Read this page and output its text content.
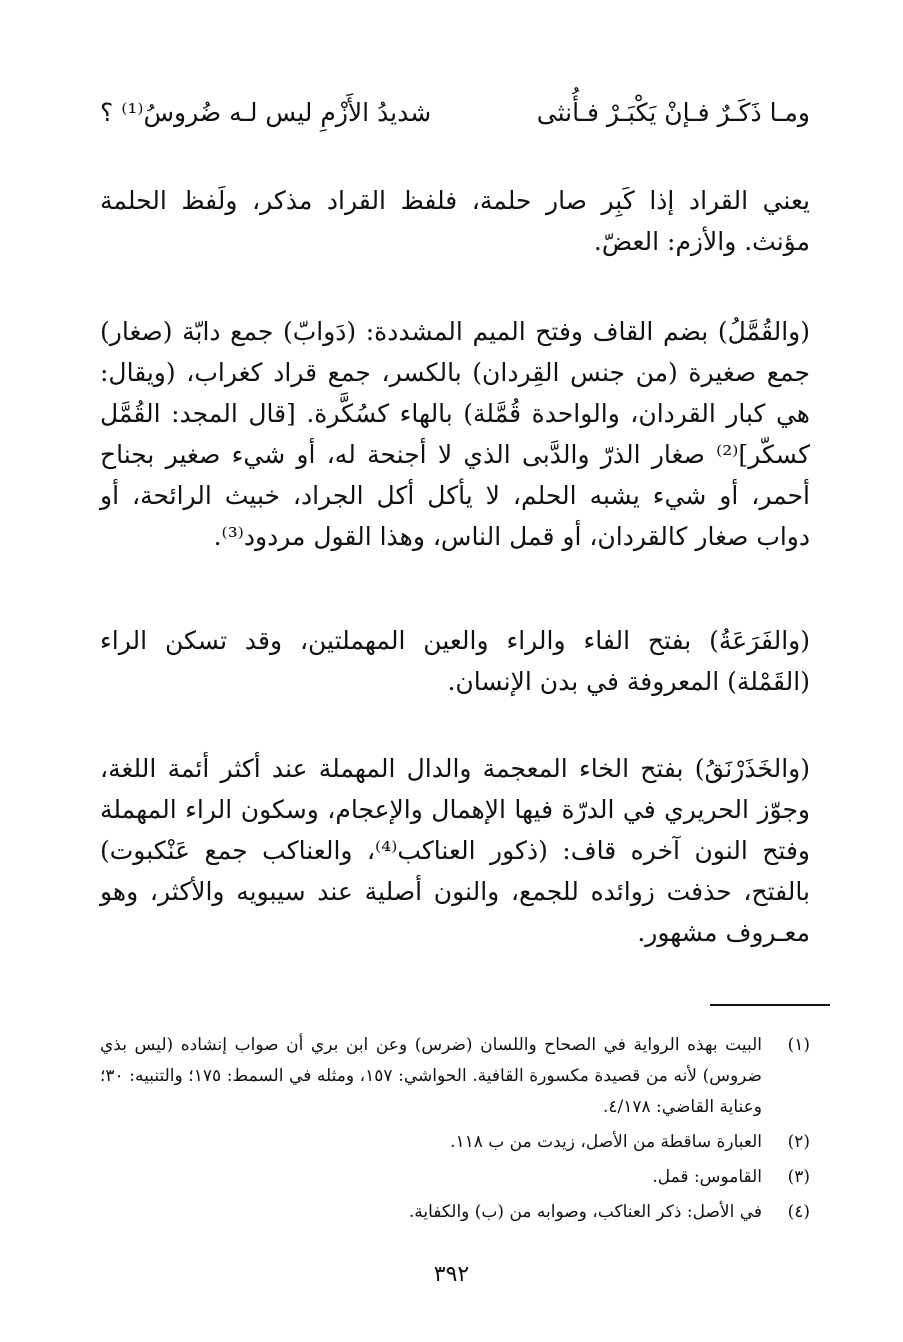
ومـا ذَكَـرٌ فـإنْ يَكْبَـرْ فـأُنثى
شديدُ الأَزْمِ ليس لـه ضُروسُ⁽¹⁾ ؟

يعني القراد إذا كَبِر صار حلمة، فلفظ القراد مذكر، ولَفظ الحلمة مؤنث. والأزم: العضّ.

(والقُمَّلُ) بضم القاف وفتح الميم المشددة: (دَوابّ) جمع دابّة (صغار) جمع صغيرة (من جنس القِردان) بالكسر، جمع قراد كغراب، (ويقال: هي كبار القردان، والواحدة قُمَّلة) بالهاء كسُكَّرة. [قال المجد: القُمَّل كسكّر]⁽²⁾ صغار الذرّ والدَّبى الذي لا أجنحة له، أو شيء صغير بجناح أحمر، أو شيء يشبه الحلم، لا يأكل أكل الجراد، خبيث الرائحة، أو دواب صغار كالقردان، أو قمل الناس، وهذا القول مردود⁽³⁾.

(والفَرَعَةُ) بفتح الفاء والراء والعين المهملتين، وقد تسكن الراء (القَمْلة) المعروفة في بدن الإنسان.

(والخَذَرْنَقُ) بفتح الخاء المعجمة والدال المهملة عند أكثر أئمة اللغة، وجوّز الحريري في الدرّة فيها الإهمال والإعجام، وسكون الراء المهملة وفتح النون آخره قاف: (ذكور العناكب⁽⁴⁾، والعناكب جمع عَنْكبوت) بالفتح، حذفت زوائده للجمع، والنون أصلية عند سيبويه والأكثر، وهو معـروف مشهور.

(١)
البيت بهذه الرواية في الصحاح واللسان (ضرس) وعن ابن بري أن صواب إنشاده (ليس بذي ضروس) لأنه من قصيدة مكسورة القافية. الحواشي: ١٥٧، ومثله في السمط: ١٧٥؛ والتنبيه: ٣٠؛ وعناية القاضي: ٤/١٧٨.
(٢)
العبارة ساقطة من الأصل، زيدت من ب ١١٨.
(٣)
القاموس: قمل.
(٤)
في الأصل: ذكر العناكب، وصوابه من (ب) والكفاية.
٣٩٢
